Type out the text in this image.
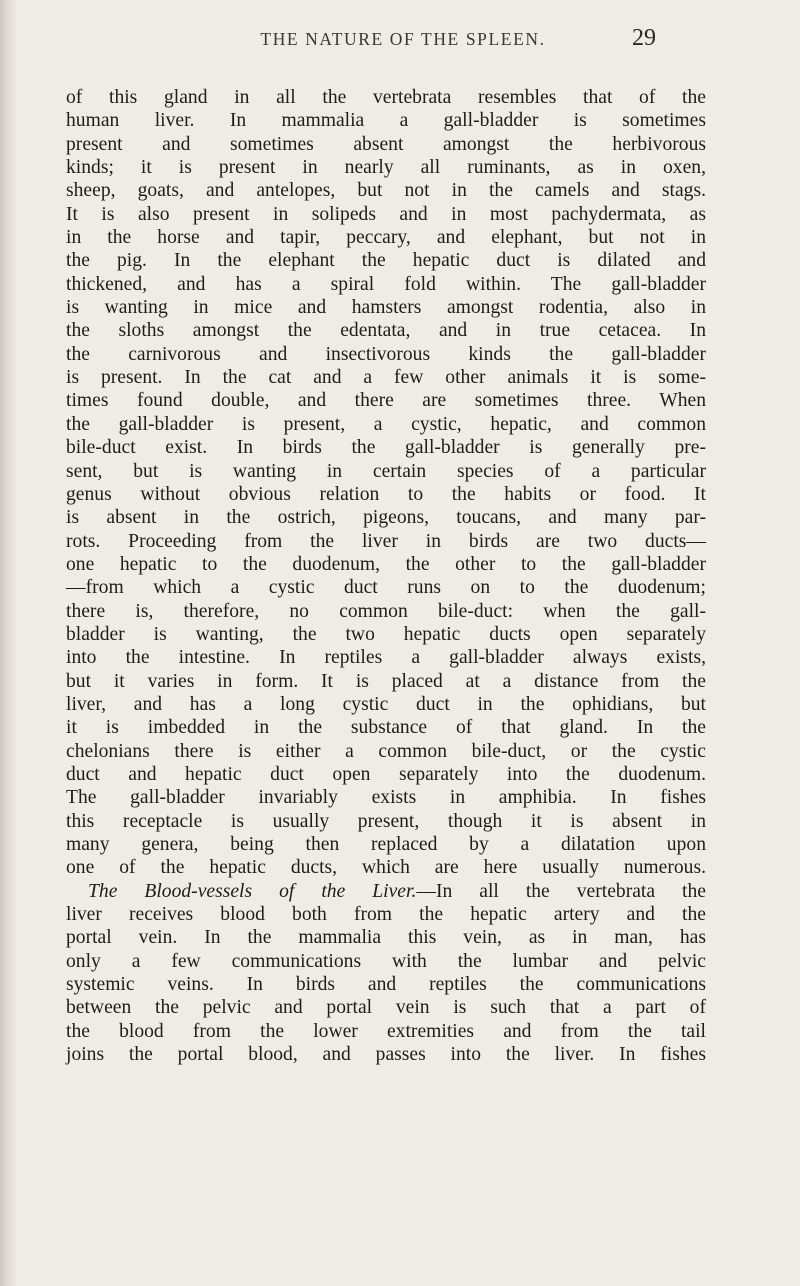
THE NATURE OF THE SPLEEN.	29
of this gland in all the vertebrata resembles that of the
human liver. In mammalia a gall-bladder is sometimes
present and sometimes absent amongst the herbivorous
kinds; it is present in nearly all ruminants, as in oxen,
sheep, goats, and antelopes, but not in the camels and stags.
It is also present in solipeds and in most pachydermata, as
in the horse and tapir, peccary, and elephant, but not in
the pig. In the elephant the hepatic duct is dilated and
thickened, and has a spiral fold within. The gall-bladder
is wanting in mice and hamsters amongst rodentia, also in
the sloths amongst the edentata, and in true cetacea. In
the carnivorous and insectivorous kinds the gall-bladder
is present. In the cat and a few other animals it is some-
times found double, and there are sometimes three. When
the gall-bladder is present, a cystic, hepatic, and common
bile-duct exist. In birds the gall-bladder is generally pre-
sent, but is wanting in certain species of a particular
genus without obvious relation to the habits or food. It
is absent in the ostrich, pigeons, toucans, and many par-
rots. Proceeding from the liver in birds are two ducts—
one hepatic to the duodenum, the other to the gall-bladder
—from which a cystic duct runs on to the duodenum;
there is, therefore, no common bile-duct: when the gall-
bladder is wanting, the two hepatic ducts open separately
into the intestine. In reptiles a gall-bladder always exists,
but it varies in form. It is placed at a distance from the
liver, and has a long cystic duct in the ophidians, but
it is imbedded in the substance of that gland. In the
chelonians there is either a common bile-duct, or the cystic
duct and hepatic duct open separately into the duodenum.
The gall-bladder invariably exists in amphibia. In fishes
this receptacle is usually present, though it is absent in
many genera, being then replaced by a dilatation upon
one of the hepatic ducts, which are here usually numerous.
The Blood-vessels of the Liver.—In all the vertebrata the
liver receives blood both from the hepatic artery and the
portal vein. In the mammalia this vein, as in man, has
only a few communications with the lumbar and pelvic
systemic veins. In birds and reptiles the communications
between the pelvic and portal vein is such that a part of
the blood from the lower extremities and from the tail
joins the portal blood, and passes into the liver. In fishes
